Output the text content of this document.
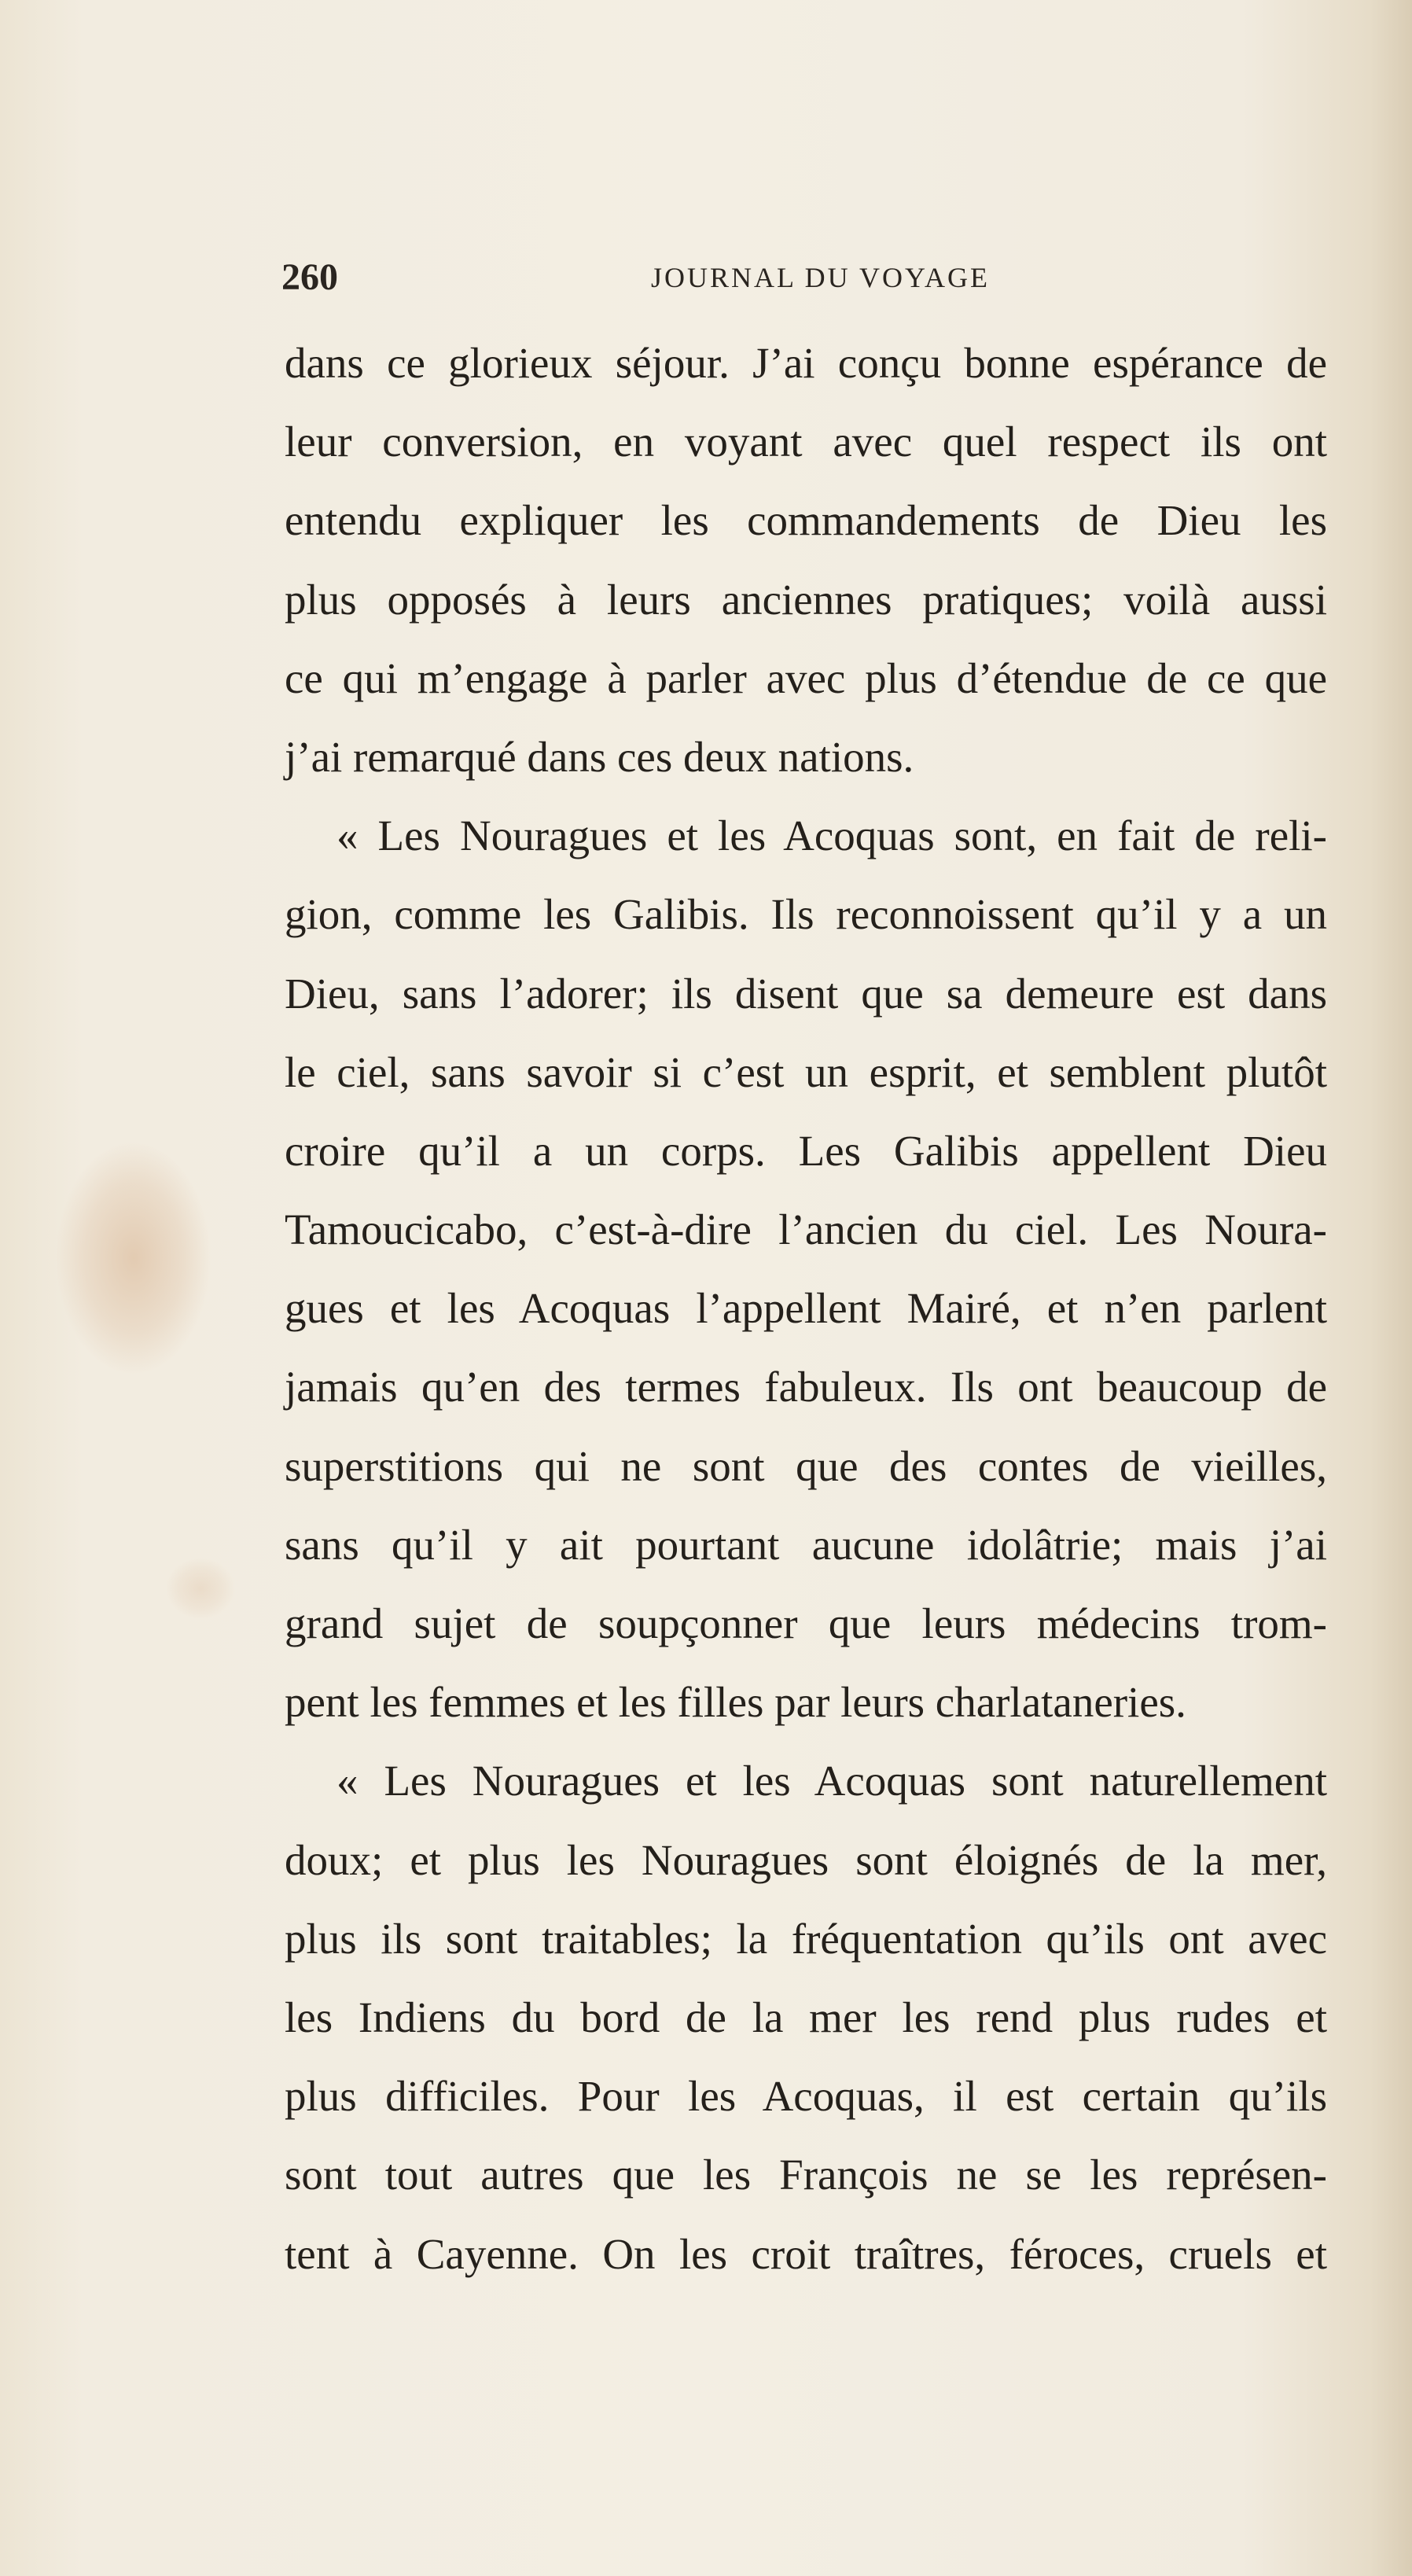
260	JOURNAL DU VOYAGE
dans ce glorieux séjour. J’ai conçu bonne espérance de
leur conversion, en voyant avec quel respect ils ont
entendu expliquer les commandements de Dieu les
plus opposés à leurs anciennes pratiques; voilà aussi
ce qui m’engage à parler avec plus d’étendue de ce que
j’ai remarqué dans ces deux nations.
« Les Nouragues et les Acoquas sont, en fait de reli-
gion, comme les Galibis. Ils reconnoissent qu’il y a un
Dieu, sans l’adorer; ils disent que sa demeure est dans
le ciel, sans savoir si c’est un esprit, et semblent plutôt
croire qu’il a un corps. Les Galibis appellent Dieu
Tamoucicabo, c’est-à-dire l’ancien du ciel. Les Noura-
gues et les Acoquas l’appellent Mairé, et n’en parlent
jamais qu’en des termes fabuleux. Ils ont beaucoup de
superstitions qui ne sont que des contes de vieilles,
sans qu’il y ait pourtant aucune idolâtrie; mais j’ai
grand sujet de soupçonner que leurs médecins trom-
pent les femmes et les filles par leurs charlataneries.
« Les Nouragues et les Acoquas sont naturellement
doux; et plus les Nouragues sont éloignés de la mer,
plus ils sont traitables; la fréquentation qu’ils ont avec
les Indiens du bord de la mer les rend plus rudes et
plus difficiles. Pour les Acoquas, il est certain qu’ils
sont tout autres que les François ne se les représen-
tent à Cayenne. On les croit traîtres, féroces, cruels et
